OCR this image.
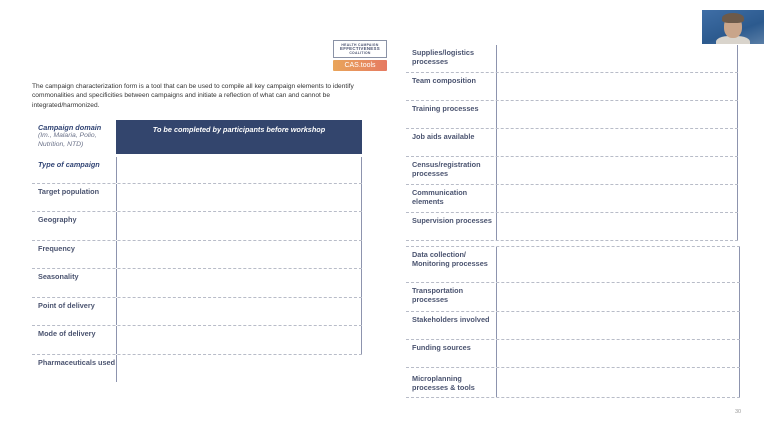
HEALTH CAMPAIGN
EFFECTIVENESS
COALITION
CAS.tools
The campaign characterization form is a tool that can be used to compile all key campaign elements to identify commonalities and specificities between campaigns and initiate a reflection of what can and cannot be integrated/harmonized.
Campaign domain
(Im., Malaria, Polio, Nutrition, NTD)
To be completed by participants before workshop
Type of campaign
Target population
Geography
Frequency
Seasonality
Point of delivery
Mode of delivery
Pharmaceuticals used
Supplies/logistics processes
Team composition
Training processes
Job aids available
Census/registration processes
Communication elements
Supervision processes
Data collection/ Monitoring processes
Transportation processes
Stakeholders involved
Funding sources
Microplanning processes & tools
30
